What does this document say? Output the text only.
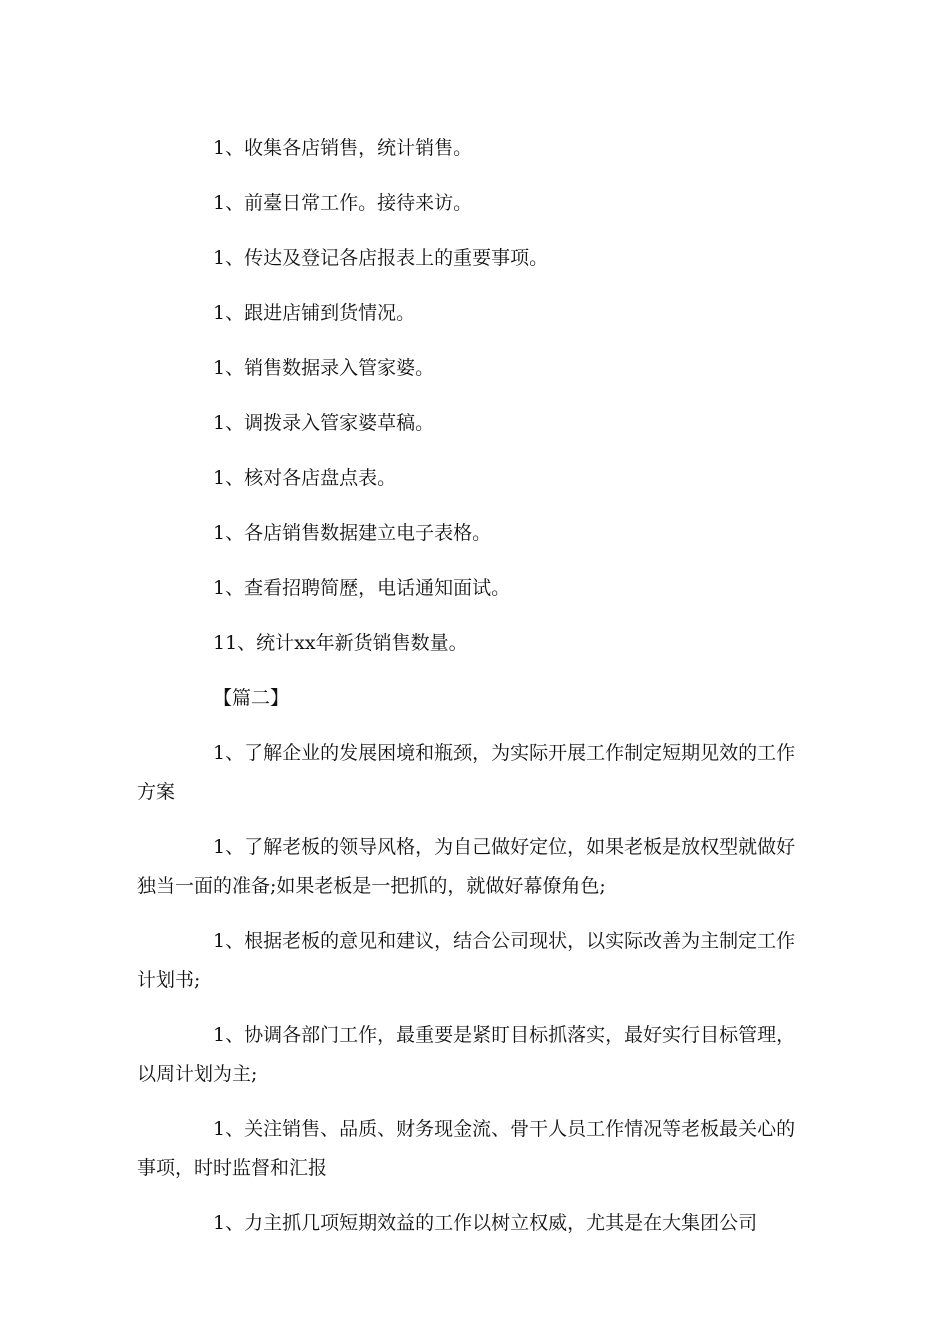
1、收集各店销售，统计销售。
1、前臺日常工作。接待来访。
1、传达及登记各店报表上的重要事项。
1、跟进店铺到货情况。
1、销售数据录入管家婆。
1、调拨录入管家婆草稿。
1、核对各店盘点表。
1、各店销售数据建立电子表格。
1、查看招聘简歷，电话通知面试。
11、统计xx年新货销售数量。
【篇二】

1、了解企业的发展困境和瓶颈，为实际开展工作制定短期见效的工作方案

1、了解老板的领导风格，为自己做好定位，如果老板是放权型就做好独当一面的准备;如果老板是一把抓的，就做好幕僚角色;

1、根据老板的意见和建议，结合公司现状，以实际改善为主制定工作计划书;

1、协调各部门工作，最重要是紧盯目标抓落实，最好实行目标管理，以周计划为主;

1、关注销售、品质、财务现金流、骨干人员工作情况等老板最关心的事项，时时监督和汇报

1、力主抓几项短期效益的工作以树立权威，尤其是在大集团公司
